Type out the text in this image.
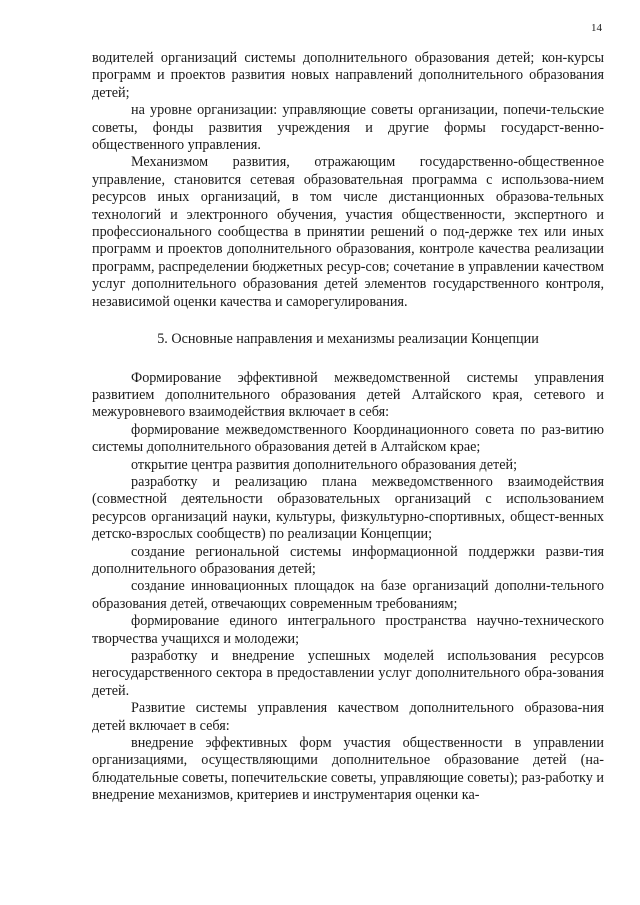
14

водителей организаций системы дополнительного образования детей; кон-курсы программ и проектов развития новых направлений дополнительного образования детей;

на уровне организации: управляющие советы организации, попечи-тельские советы, фонды развития учреждения и другие формы государст-венно-общественного управления.

Механизмом развития, отражающим государственно-общественное управление, становится сетевая образовательная программа с использова-нием ресурсов иных организаций, в том числе дистанционных образова-тельных технологий и электронного обучения, участия общественности, экспертного и профессионального сообщества в принятии решений о под-держке тех или иных программ и проектов дополнительного образования, контроле качества реализации программ, распределении бюджетных ресур-сов; сочетание в управлении качеством услуг дополнительного образования детей элементов государственного контроля, независимой оценки качества и саморегулирования.

5. Основные направления и механизмы реализации Концепции

Формирование эффективной межведомственной системы управления развитием дополнительного образования детей Алтайского края, сетевого и межуровневого взаимодействия включает в себя:

формирование межведомственного Координационного совета по раз-витию системы дополнительного образования детей в Алтайском крае;

открытие центра развития дополнительного образования детей;

разработку и реализацию плана межведомственного взаимодействия (совместной деятельности образовательных организаций с использованием ресурсов организаций науки, культуры, физкультурно-спортивных, общест-венных детско-взрослых сообществ) по реализации Концепции;

создание региональной системы информационной поддержки разви-тия дополнительного образования детей;

создание инновационных площадок на базе организаций дополни-тельного образования детей, отвечающих современным требованиям;

формирование единого интегрального пространства научно-технического творчества учащихся и молодежи;

разработку и внедрение успешных моделей использования ресурсов негосударственного сектора в предоставлении услуг дополнительного обра-зования детей.

Развитие системы управления качеством дополнительного образова-ния детей включает в себя:

внедрение эффективных форм участия общественности в управлении организациями, осуществляющими дополнительное образование детей (на-блюдательные советы, попечительские советы, управляющие советы); раз-работку и внедрение механизмов, критериев и инструментария оценки ка-
